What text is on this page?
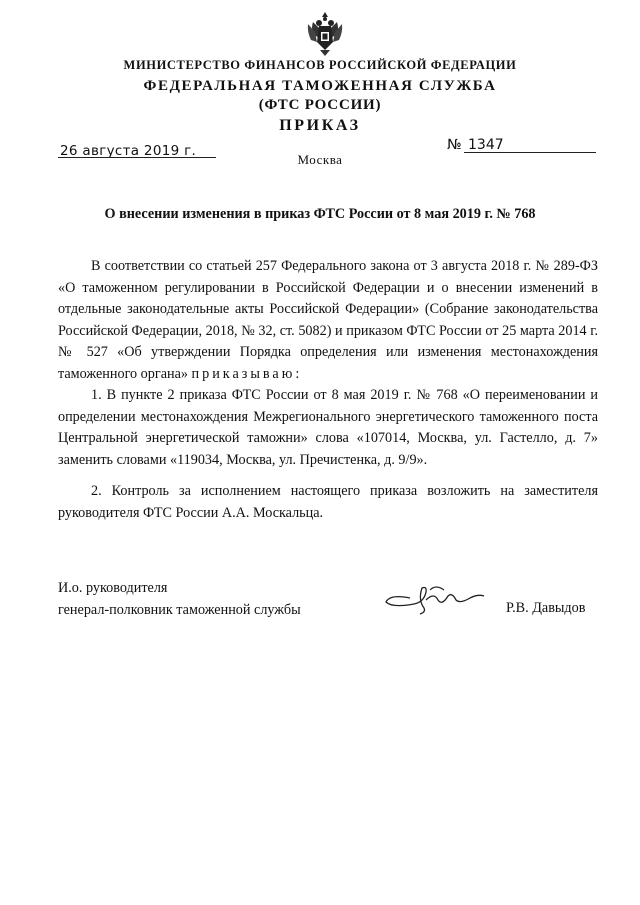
МИНИСТЕРСТВО ФИНАНСОВ РОССИЙСКОЙ ФЕДЕРАЦИИ
ФЕДЕРАЛЬНАЯ ТАМОЖЕННАЯ СЛУЖБА
(ФТС РОССИИ)
ПРИКАЗ
26 августа 2019 г.	№ 1347
Москва
О внесении изменения в приказ ФТС России от 8 мая 2019 г. № 768
В соответствии со статьей 257 Федерального закона от 3 августа 2018 г. № 289-ФЗ «О таможенном регулировании в Российской Федерации и о внесении изменений в отдельные законодательные акты Российской Федерации» (Собрание законодательства Российской Федерации, 2018, № 32, ст. 5082) и приказом ФТС России от 25 марта 2014 г. № 527 «Об утверждении Порядка определения или изменения местонахождения таможенного органа» приказываю:
1. В пункте 2 приказа ФТС России от 8 мая 2019 г. № 768 «О переименовании и определении местонахождения Межрегионального энергетического таможенного поста Центральной энергетической таможни» слова «107014, Москва, ул. Гастелло, д. 7» заменить словами «119034, Москва, ул. Пречистенка, д. 9/9».
2. Контроль за исполнением настоящего приказа возложить на заместителя руководителя ФТС России А.А. Москальца.
И.о. руководителя
генерал-полковник таможенной службы	Р.В. Давыдов
